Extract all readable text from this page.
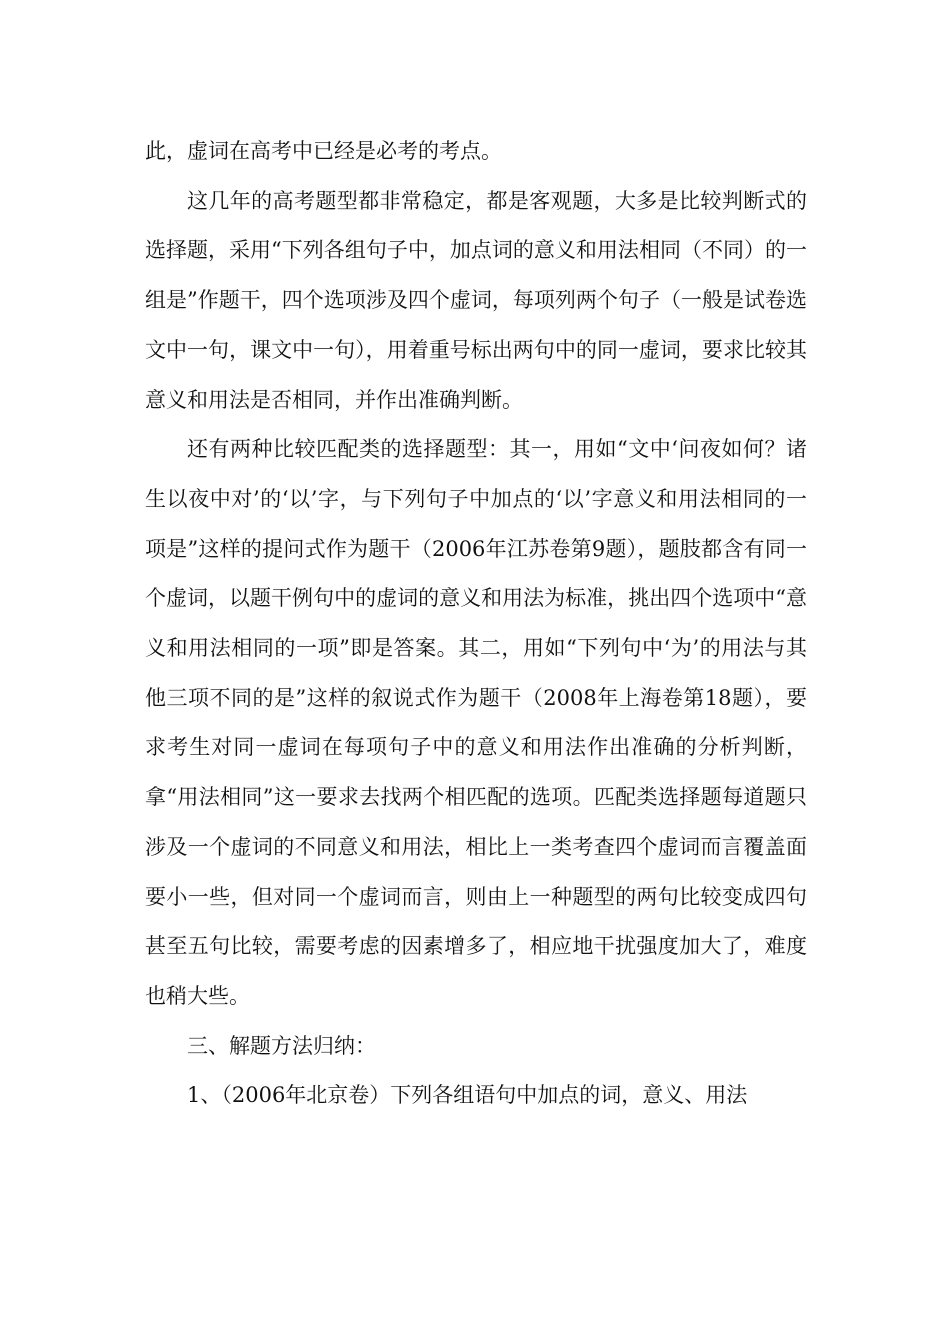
此，虚词在高考中已经是必考的考点。

这几年的高考题型都非常稳定，都是客观题，大多是比较判断式的选择题，采用“下列各组句子中，加点词的意义和用法相同（不同）的一组是”作题干，四个选项涉及四个虚词，每项列两个句子（一般是试卷选文中一句，课文中一句），用着重号标出两句中的同一虚词，要求比较其意义和用法是否相同，并作出准确判断。

还有两种比较匹配类的选择题型：其一，用如“文中‘问夜如何？诸生以夜中对’的‘以’字，与下列句子中加点的‘以’字意义和用法相同的一项是”这样的提问式作为题干（2006年江苏卷第9题），题肢都含有同一个虚词，以题干例句中的虚词的意义和用法为标准，挑出四个选项中“意义和用法相同的一项”即是答案。其二，用如“下列句中‘为’的用法与其他三项不同的是”这样的叙说式作为题干（2008年上海卷第18题），要求考生对同一虚词在每项句子中的意义和用法作出准确的分析判断，拿“用法相同”这一要求去找两个相匹配的选项。匹配类选择题每道题只涉及一个虚词的不同意义和用法，相比上一类考查四个虚词而言覆盖面要小一些，但对同一个虚词而言，则由上一种题型的两句比较变成四句甚至五句比较，需要考虑的因素增多了，相应地干扰强度加大了，难度也稍大些。

三、解题方法归纳：

1、（2006年北京卷）下列各组语句中加点的词，意义、用法
